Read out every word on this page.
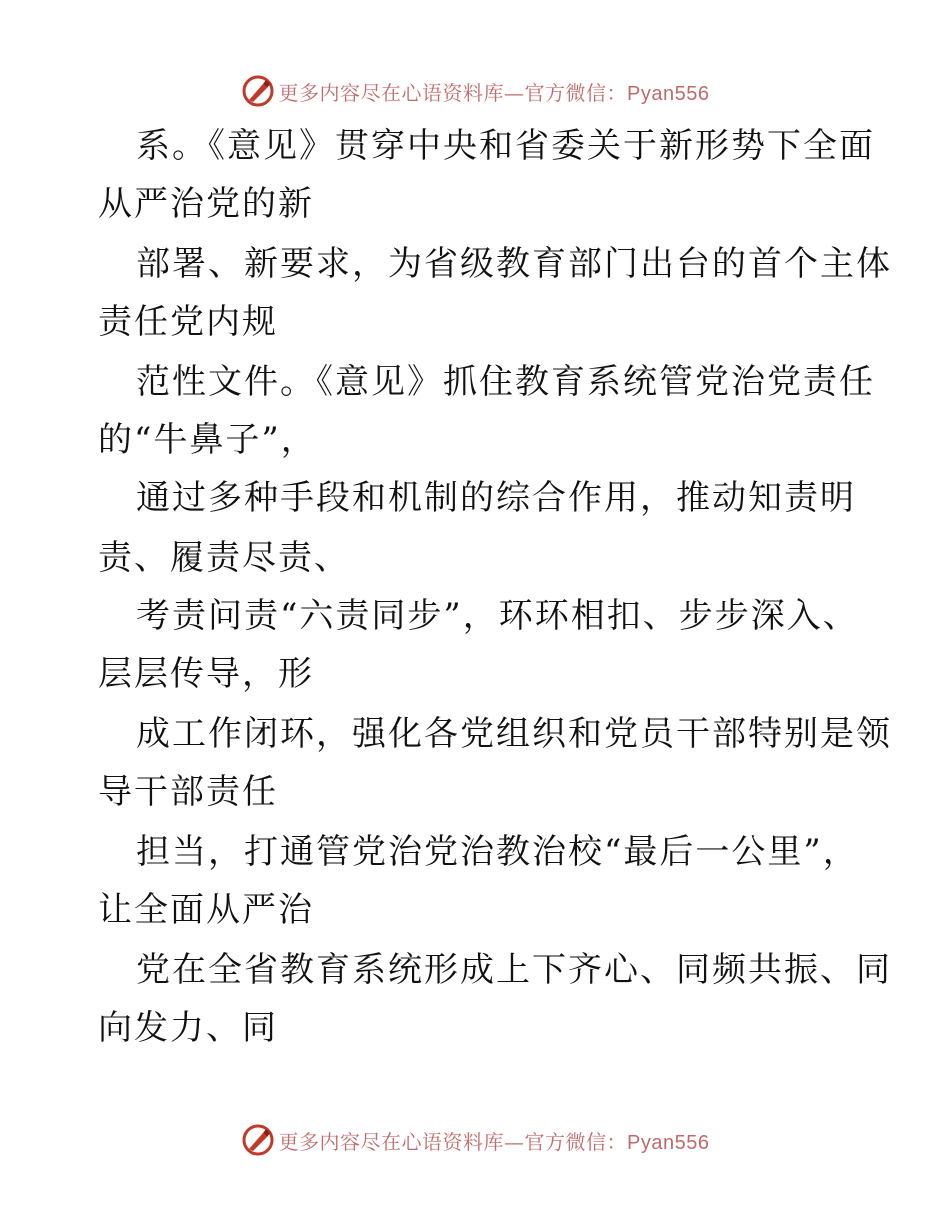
更多内容尽在心语资料库—官方微信：Pyan556
系。《意见》贯穿中央和省委关于新形势下全面
从严治党的新
部署、新要求，为省级教育部门出台的首个主体
责任党内规
范性文件。《意见》抓住教育系统管党治党责任
的“牛鼻子”，
通过多种手段和机制的综合作用，推动知责明
责、履责尽责、
考责问责“六责同步”，环环相扣、步步深入、
层层传导，形
成工作闭环，强化各党组织和党员干部特别是领
导干部责任
担当，打通管党治党治教治校“最后一公里”，
让全面从严治
党在全省教育系统形成上下齐心、同频共振、同
向发力、同
更多内容尽在心语资料库—官方微信：Pyan556
